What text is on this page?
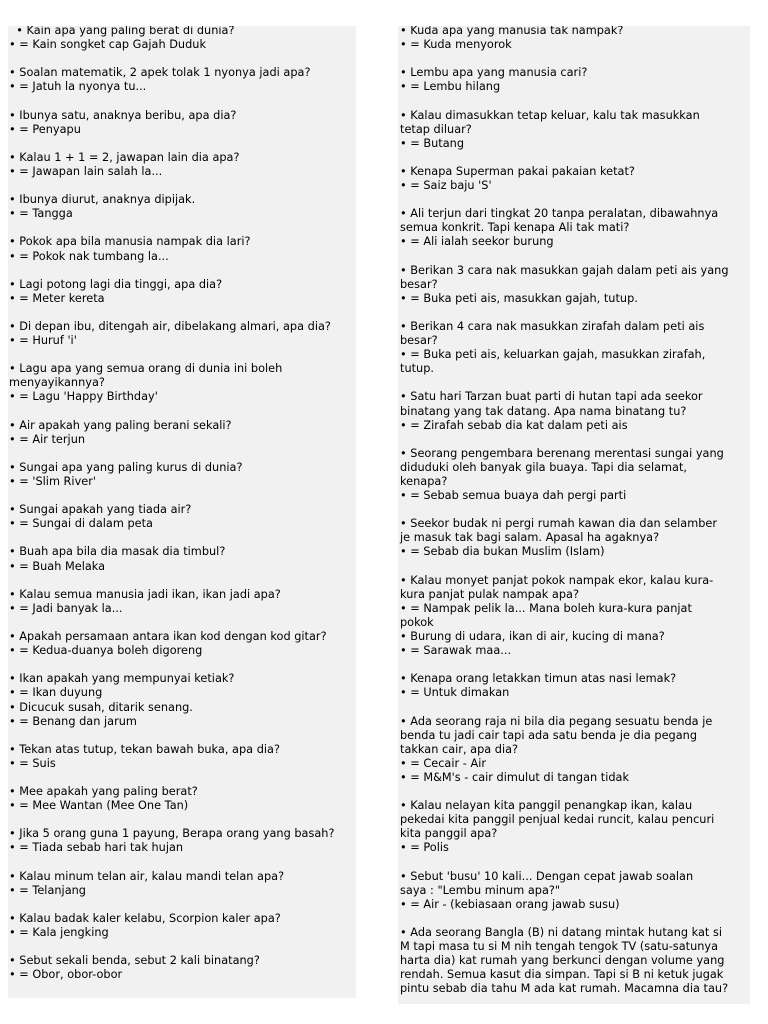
• Kain apa yang paling berat di dunia?
• = Kain songket cap Gajah Duduk
• Soalan matematik, 2 apek tolak 1 nyonya jadi apa?
• = Jatuh la nyonya tu...
• Ibunya satu, anaknya beribu, apa dia?
• = Penyapu
• Kalau 1 + 1 = 2, jawapan lain dia apa?
• = Jawapan lain salah la...
• Ibunya diurut, anaknya dipijak.
• = Tangga
• Pokok apa bila manusia nampak dia lari?
• = Pokok nak tumbang la...
• Lagi potong lagi dia tinggi, apa dia?
• = Meter kereta
• Di depan ibu, ditengah air, dibelakang almari, apa dia?
• = Huruf 'i'
• Lagu apa yang semua orang di dunia ini boleh
menyayikannya?
• = Lagu 'Happy Birthday'
• Air apakah yang paling berani sekali?
• = Air terjun
• Sungai apa yang paling kurus di dunia?
• = 'Slim River'
• Sungai apakah yang tiada air?
• = Sungai di dalam peta
• Buah apa bila dia masak dia timbul?
• = Buah Melaka
• Kalau semua manusia jadi ikan, ikan jadi apa?
• = Jadi banyak la...
• Apakah persamaan antara ikan kod dengan kod gitar?
• = Kedua-duanya boleh digoreng
• Ikan apakah yang mempunyai ketiak?
• = Ikan duyung
• Dicucuk susah, ditarik senang.
• = Benang dan jarum
• Tekan atas tutup, tekan bawah buka, apa dia?
• = Suis
• Mee apakah yang paling berat?
• = Mee Wantan (Mee One Tan)
• Jika 5 orang guna 1 payung, Berapa orang yang basah?
• = Tiada sebab hari tak hujan
• Kalau minum telan air, kalau mandi telan apa?
• = Telanjang
• Kalau badak kaler kelabu, Scorpion kaler apa?
• = Kala jengking
• Sebut sekali benda, sebut 2 kali binatang?
• = Obor, obor-obor
• Kuda apa yang manusia tak nampak?
• = Kuda menyorok
• Lembu apa yang manusia cari?
• = Lembu hilang
• Kalau dimasukkan tetap keluar, kalu tak masukkan
tetap diluar?
• = Butang
• Kenapa Superman pakai pakaian ketat?
• = Saiz baju 'S'
• Ali terjun dari tingkat 20 tanpa peralatan, dibawahnya
semua konkrit. Tapi kenapa Ali tak mati?
• = Ali ialah seekor burung
• Berikan 3 cara nak masukkan gajah dalam peti ais yang
besar?
• = Buka peti ais, masukkan gajah, tutup.
• Berikan 4 cara nak masukkan zirafah dalam peti ais
besar?
• = Buka peti ais, keluarkan gajah, masukkan zirafah,
tutup.
• Satu hari Tarzan buat parti di hutan tapi ada seekor
binatang yang tak datang. Apa nama binatang tu?
• = Zirafah sebab dia kat dalam peti ais
• Seorang pengembara berenang merentasi sungai yang
diduduki oleh banyak gila buaya. Tapi dia selamat,
kenapa?
• = Sebab semua buaya dah pergi parti
• Seekor budak ni pergi rumah kawan dia dan selamber
je masuk tak bagi salam. Apasal ha agaknya?
• = Sebab dia bukan Muslim (Islam)
• Kalau monyet panjat pokok nampak ekor, kalau kura-
kura panjat pulak nampak apa?
• = Nampak pelik la... Mana boleh kura-kura panjat
pokok
• Burung di udara, ikan di air, kucing di mana?
• = Sarawak maa...
• Kenapa orang letakkan timun atas nasi lemak?
• = Untuk dimakan
• Ada seorang raja ni bila dia pegang sesuatu benda je
benda tu jadi cair tapi ada satu benda je dia pegang
takkan cair, apa dia?
• = Cecair - Air
• = M&M's - cair dimulut di tangan tidak
• Kalau nelayan kita panggil penangkap ikan, kalau
pekedai kita panggil penjual kedai runcit, kalau pencuri
kita panggil apa?
• = Polis
• Sebut 'busu' 10 kali... Dengan cepat jawab soalan
saya : "Lembu minum apa?"
• = Air - (kebiasaan orang jawab susu)
• Ada seorang Bangla (B) ni datang mintak hutang kat si
M tapi masa tu si M nih tengah tengok TV (satu-satunya
harta dia) kat rumah yang berkunci dengan volume yang
rendah. Semua kasut dia simpan. Tapi si B ni ketuk jugak
pintu sebab dia tahu M ada kat rumah. Macamna dia tau?
